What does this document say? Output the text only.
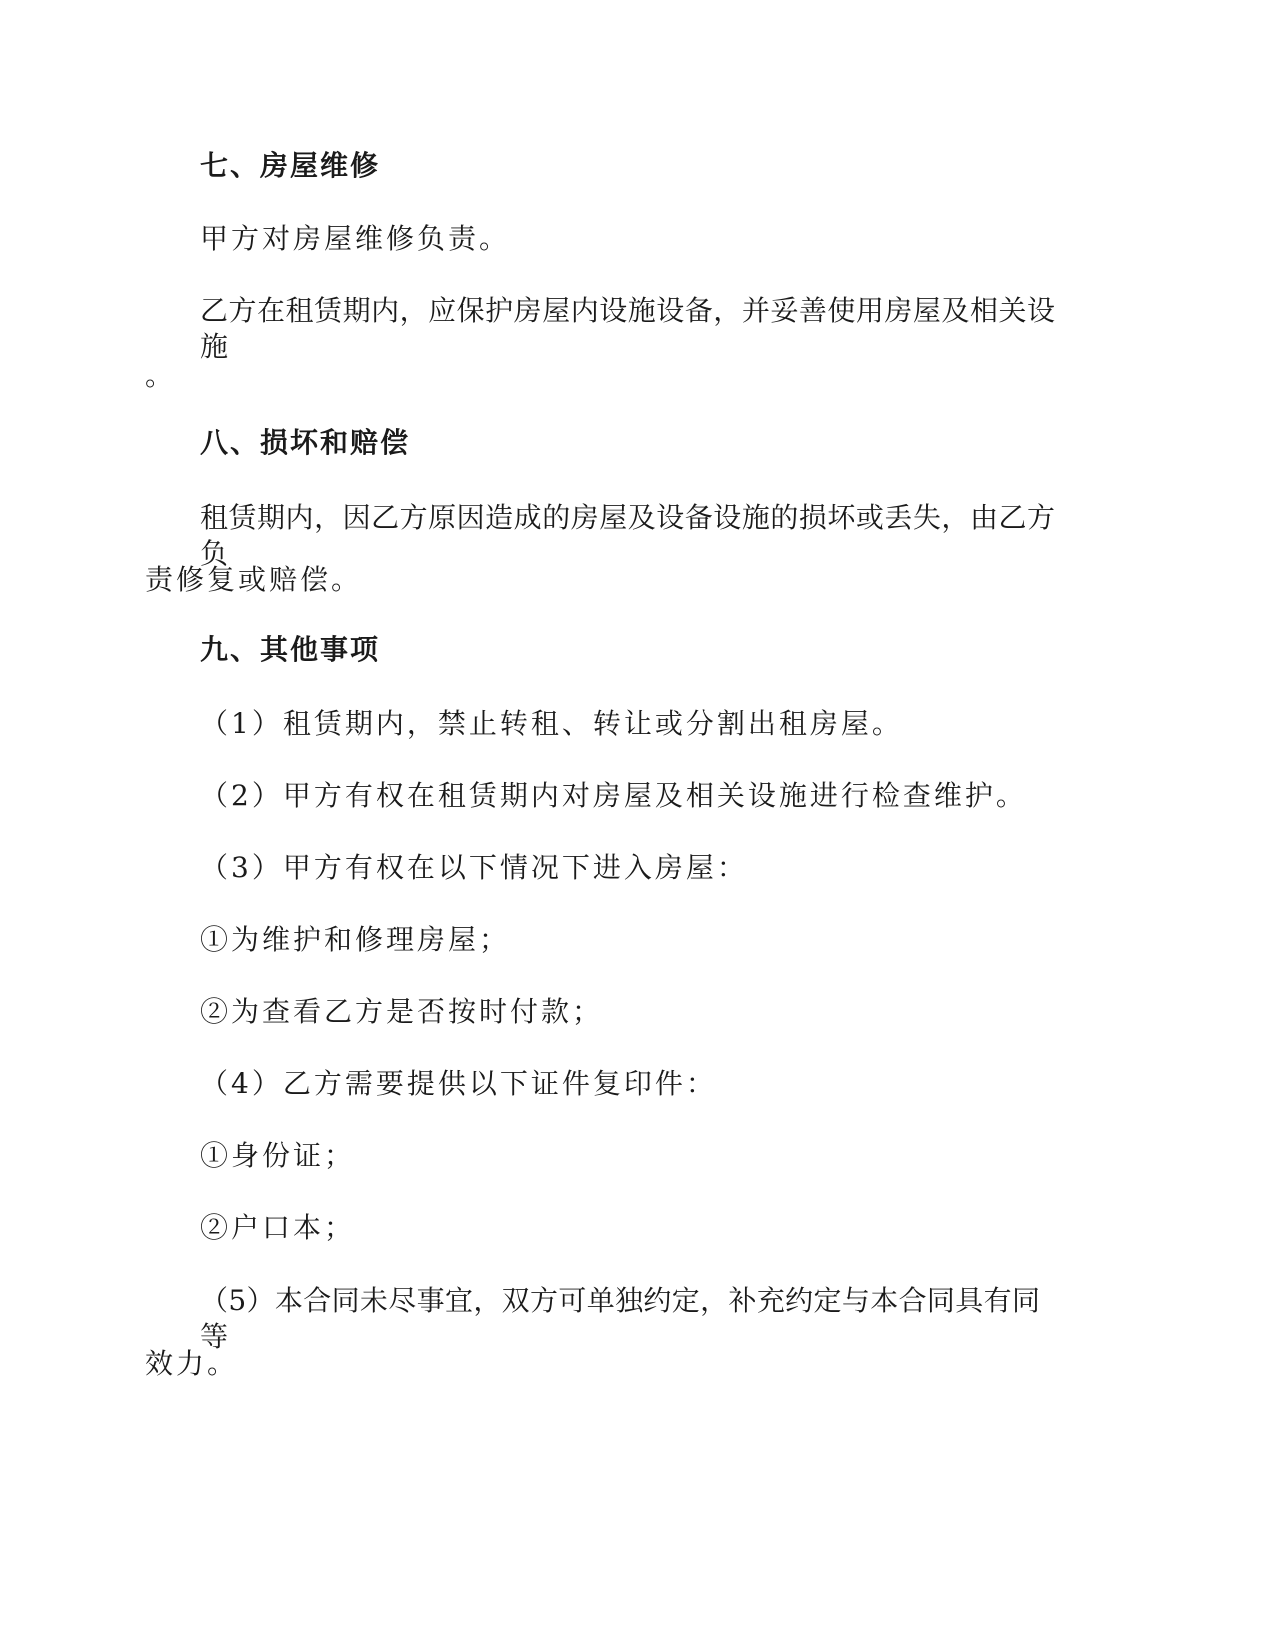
七、房屋维修
甲方对房屋维修负责。
乙方在租赁期内，应保护房屋内设施设备，并妥善使用房屋及相关设施
。
八、损坏和赔偿
租赁期内，因乙方原因造成的房屋及设备设施的损坏或丢失，由乙方负
责修复或赔偿。
九、其他事项
（1）租赁期内，禁止转租、转让或分割出租房屋。
（2）甲方有权在租赁期内对房屋及相关设施进行检查维护。
（3）甲方有权在以下情况下进入房屋：
①为维护和修理房屋；
②为查看乙方是否按时付款；
（4）乙方需要提供以下证件复印件：
①身份证；
②户口本；
（5）本合同未尽事宜，双方可单独约定，补充约定与本合同具有同等
效力。
